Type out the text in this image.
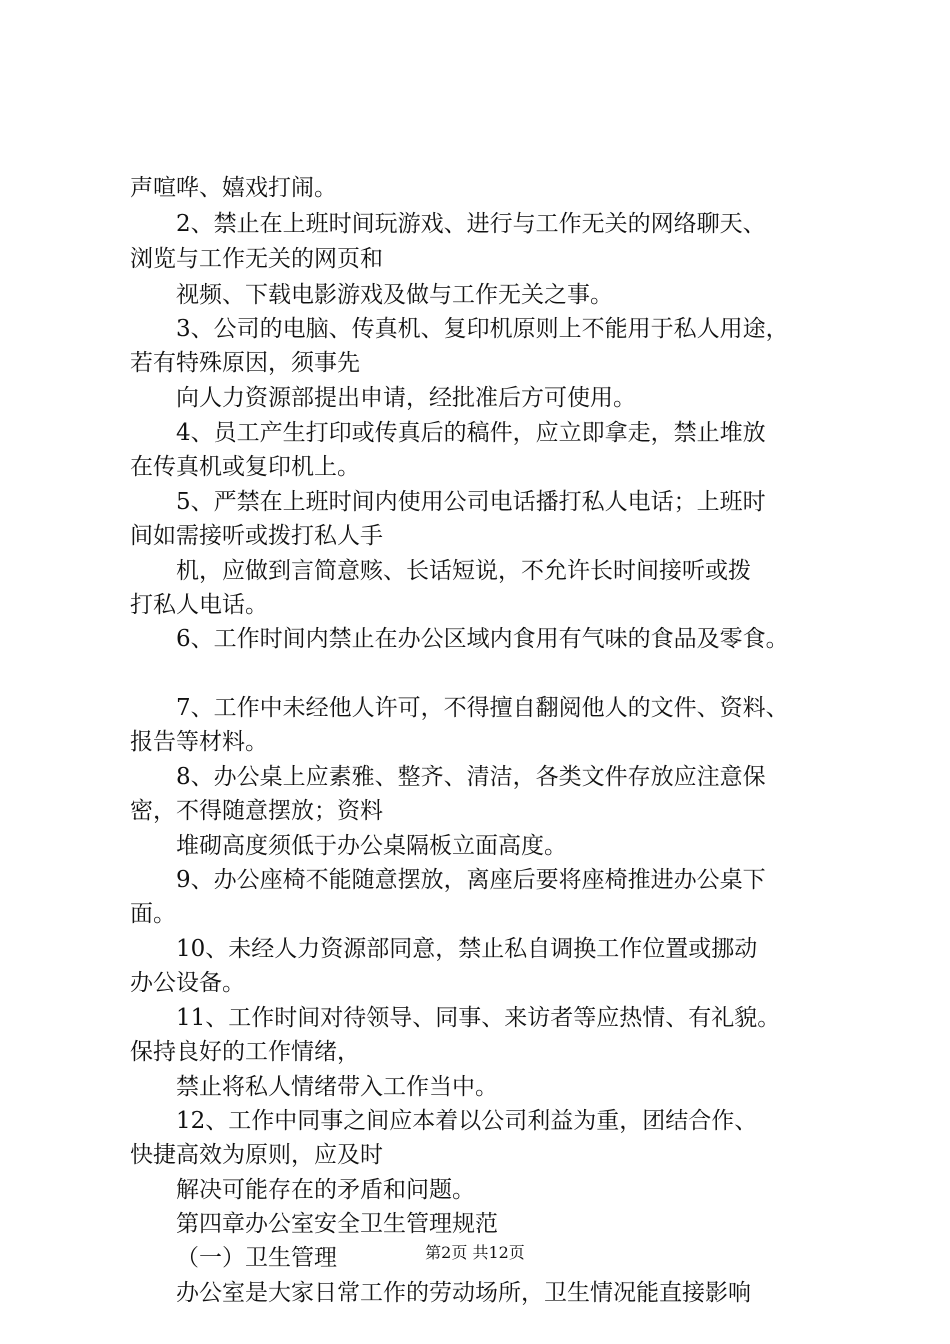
声喧哗、嬉戏打闹。
2、禁止在上班时间玩游戏、进行与工作无关的网络聊天、
浏览与工作无关的网页和
视频、下载电影游戏及做与工作无关之事。
3、公司的电脑、传真机、复印机原则上不能用于私人用途，
若有特殊原因，须事先
向人力资源部提出申请，经批准后方可使用。
4、员工产生打印或传真后的稿件，应立即拿走，禁止堆放
在传真机或复印机上。
5、严禁在上班时间内使用公司电话播打私人电话；上班时
间如需接听或拨打私人手
机，应做到言简意赅、长话短说，不允许长时间接听或拨
打私人电话。
6、工作时间内禁止在办公区域内食用有气味的食品及零食。
7、工作中未经他人许可，不得擅自翻阅他人的文件、资料、
报告等材料。
8、办公桌上应素雅、整齐、清洁，各类文件存放应注意保
密，不得随意摆放；资料
堆砌高度须低于办公桌隔板立面高度。
9、办公座椅不能随意摆放，离座后要将座椅推进办公桌下
面。
10、未经人力资源部同意，禁止私自调换工作位置或挪动
办公设备。
11、工作时间对待领导、同事、来访者等应热情、有礼貌。
保持良好的工作情绪，
禁止将私人情绪带入工作当中。
12、工作中同事之间应本着以公司利益为重，团结合作、
快捷高效为原则，应及时
解决可能存在的矛盾和问题。
第四章办公室安全卫生管理规范
（一）卫生管理
办公室是大家日常工作的劳动场所，卫生情况能直接影响
第2页 共12页
